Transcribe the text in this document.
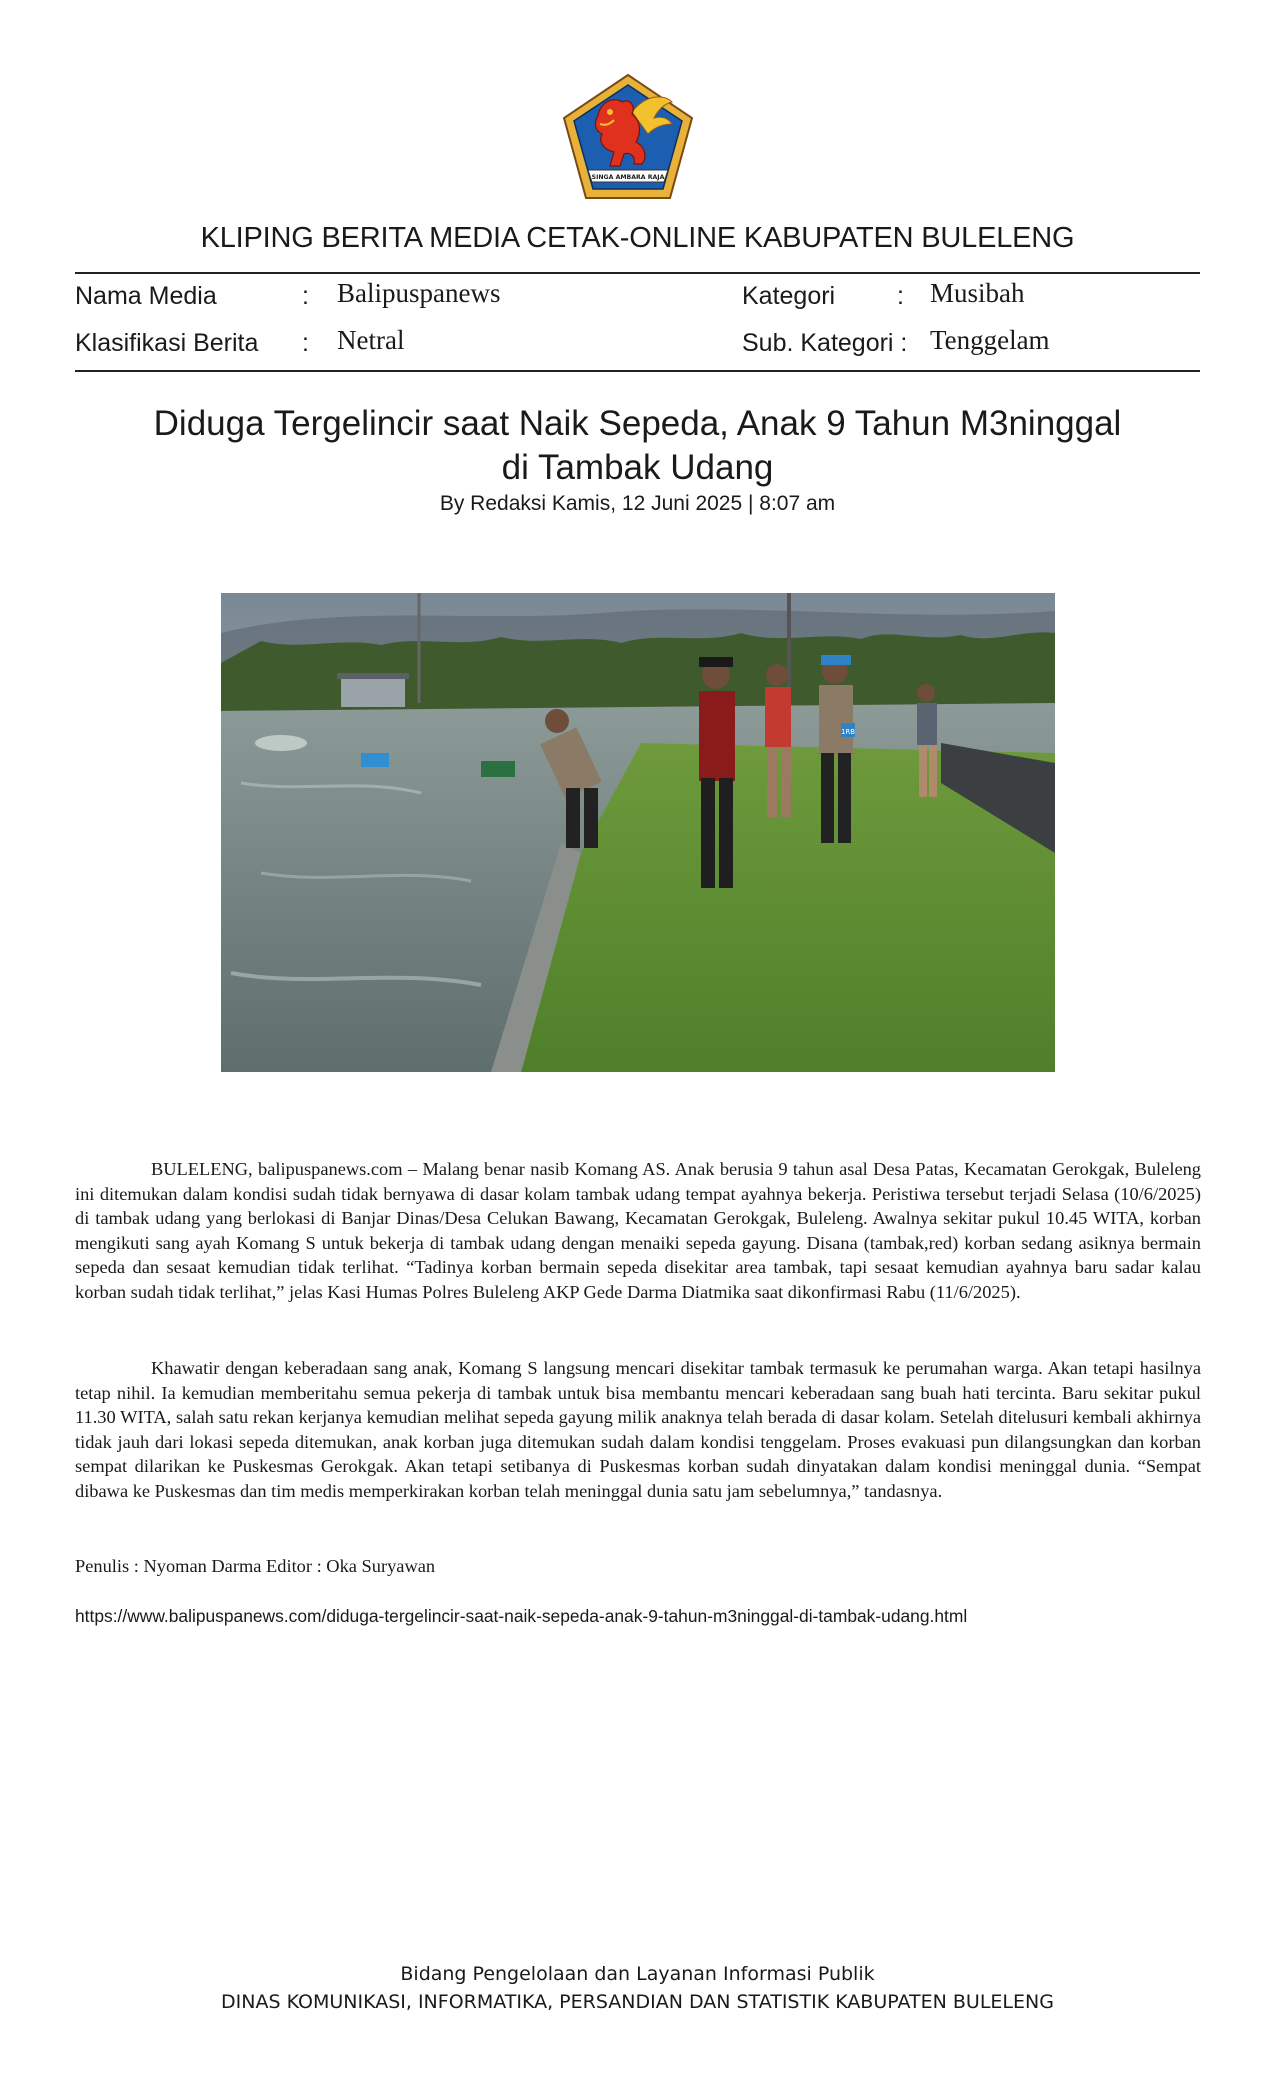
SINGA AMBARA RAJA
KLIPING BERITA MEDIA CETAK-ONLINE KABUPATEN BULELENG
Nama Media	: Balipuspanews	Kategori : Musibah
Klasifikasi Berita : Netral	Sub. Kategori : Tenggelam
Diduga Tergelincir saat Naik Sepeda, Anak 9 Tahun M3ninggal
di Tambak Udang
By Redaksi Kamis, 12 Juni 2025 | 8:07 am
1RB

BULELENG, balipuspanews.com – Malang benar nasib Komang AS. Anak berusia 9 tahun asal Desa Patas, Kecamatan Gerokgak, Buleleng ini ditemukan dalam kondisi sudah tidak bernyawa di dasar kolam tambak udang tempat ayahnya bekerja. Peristiwa tersebut terjadi Selasa (10/6/2025) di tambak udang yang berlokasi di Banjar Dinas/Desa Celukan Bawang, Kecamatan Gerokgak, Buleleng. Awalnya sekitar pukul 10.45 WITA, korban mengikuti sang ayah Komang S untuk bekerja di tambak udang dengan menaiki sepeda gayung. Disana (tambak,red) korban sedang asiknya bermain sepeda dan sesaat kemudian tidak terlihat. “Tadinya korban bermain sepeda disekitar area tambak, tapi sesaat kemudian ayahnya baru sadar kalau korban sudah tidak terlihat,” jelas Kasi Humas Polres Buleleng AKP Gede Darma Diatmika saat dikonfirmasi Rabu (11/6/2025).

Khawatir dengan keberadaan sang anak, Komang S langsung mencari disekitar tambak termasuk ke perumahan warga. Akan tetapi hasilnya tetap nihil. Ia kemudian memberitahu semua pekerja di tambak untuk bisa membantu mencari keberadaan sang buah hati tercinta. Baru sekitar pukul 11.30 WITA, salah satu rekan kerjanya kemudian melihat sepeda gayung milik anaknya telah berada di dasar kolam. Setelah ditelusuri kembali akhirnya tidak jauh dari lokasi sepeda ditemukan, anak korban juga ditemukan sudah dalam kondisi tenggelam. Proses evakuasi pun dilangsungkan dan korban sempat dilarikan ke Puskesmas Gerokgak. Akan tetapi setibanya di Puskesmas korban sudah dinyatakan dalam kondisi meninggal dunia. “Sempat dibawa ke Puskesmas dan tim medis memperkirakan korban telah meninggal dunia satu jam sebelumnya,” tandasnya.

Penulis : Nyoman Darma Editor : Oka Suryawan
https://www.balipuspanews.com/diduga-tergelincir-saat-naik-sepeda-anak-9-tahun-m3ninggal-di-tambak-udang.html
Bidang Pengelolaan dan Layanan Informasi Publik
DINAS KOMUNIKASI, INFORMATIKA, PERSANDIAN DAN STATISTIK KABUPATEN BULELENG
